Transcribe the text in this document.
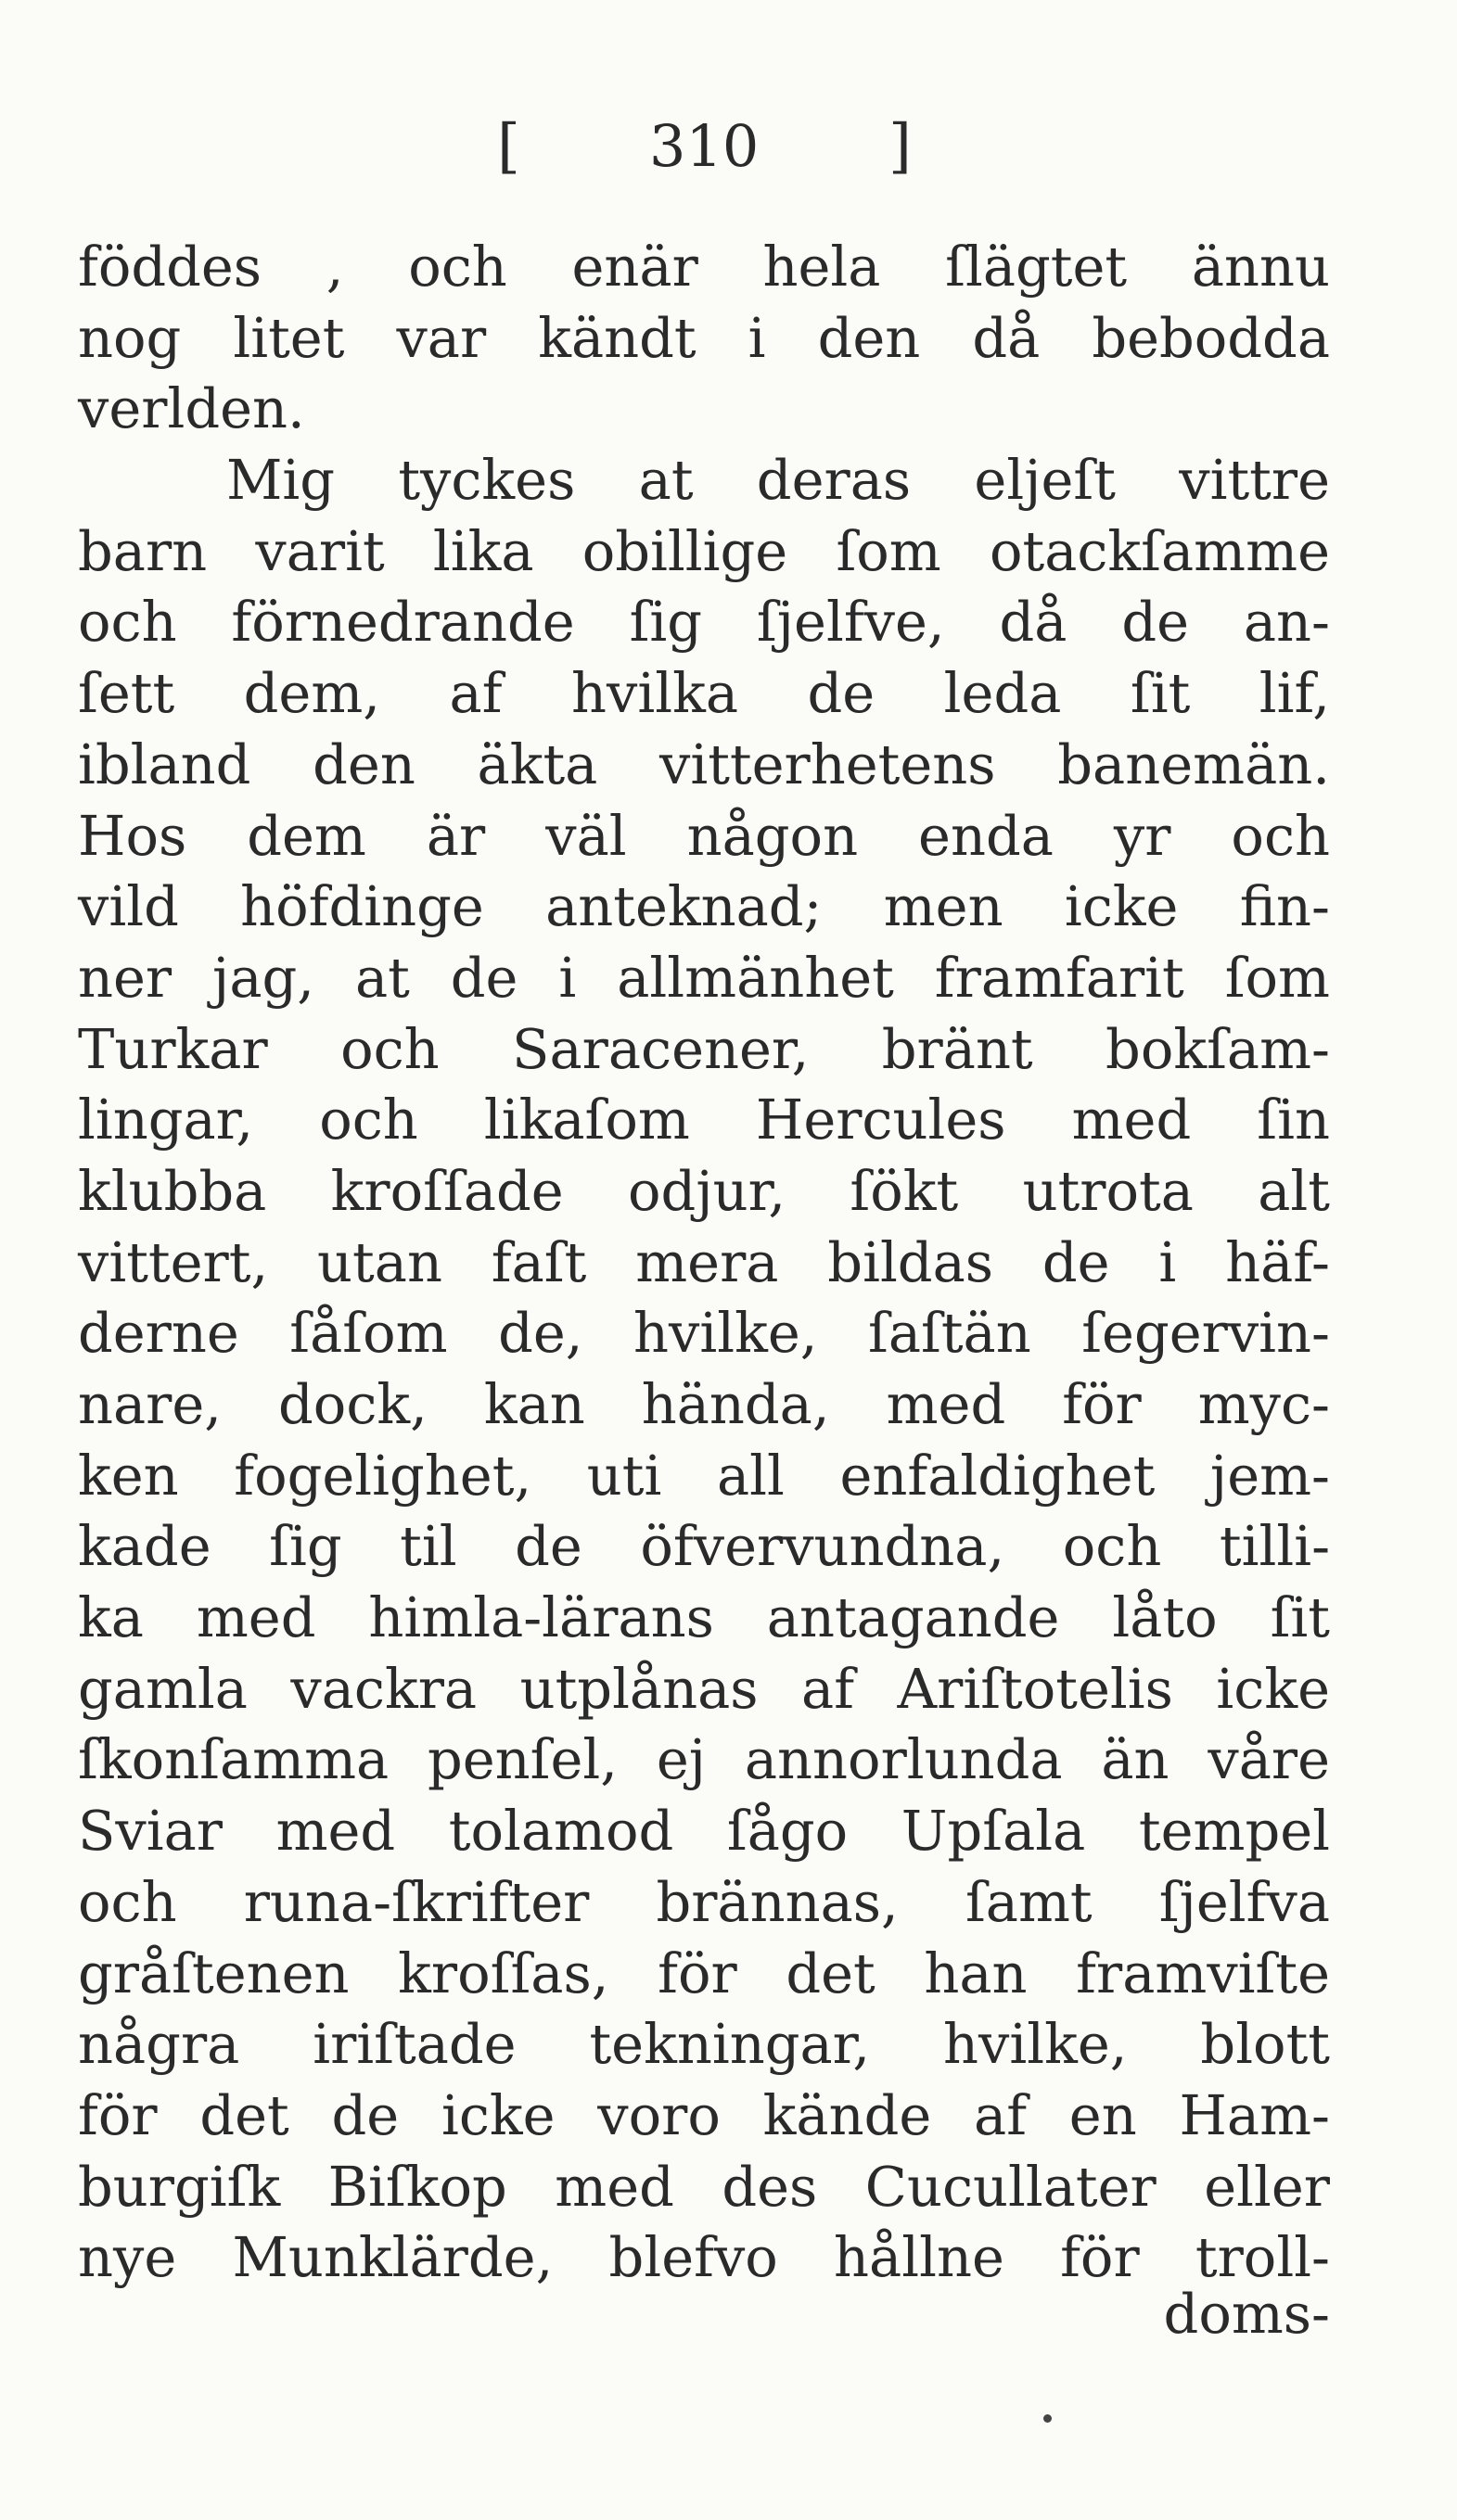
[ 310 ]
föddes , och enär hela ſlägtet ännu
nog litet var kändt i den då bebodda
verlden.
Mig tyckes at deras eljeſt vittre
barn varit lika obillige ſom otackſamme
och förnedrande ſig ſjelfve, då de an-
ſett dem, af hvilka de leda ſit lif,
ibland den äkta vitterhetens banemän.
Hos dem är väl någon enda yr och
vild höfdinge anteknad; men icke fin-
ner jag, at de i allmänhet framfarit ſom
Turkar och Saracener, bränt bokſam-
lingar, och likaſom Hercules med ſin
klubba kroſſade odjur, ſökt utrota alt
vittert, utan faſt mera bildas de i häf-
derne ſåſom de, hvilke, ſaſtän ſegervin-
nare, dock, kan hända, med för myc-
ken fogelighet, uti all enfaldighet jem-
kade ſig til de öfvervundna, och tilli-
ka med himla-lärans antagande låto ſit
gamla vackra utplånas af Ariſtotelis icke
ſkonſamma penſel, ej annorlunda än våre
Sviar med tolamod ſågo Upſala tempel
och runa-ſkrifter brännas, ſamt ſjelfva
gråſtenen kroſſas, för det han framviſte
några iriſtade tekningar, hvilke, blott
för det de icke voro kände af en Ham-
burgiſk Biſkop med des Cucullater eller
nye Munklärde, blefvo hållne för troll-
doms-
